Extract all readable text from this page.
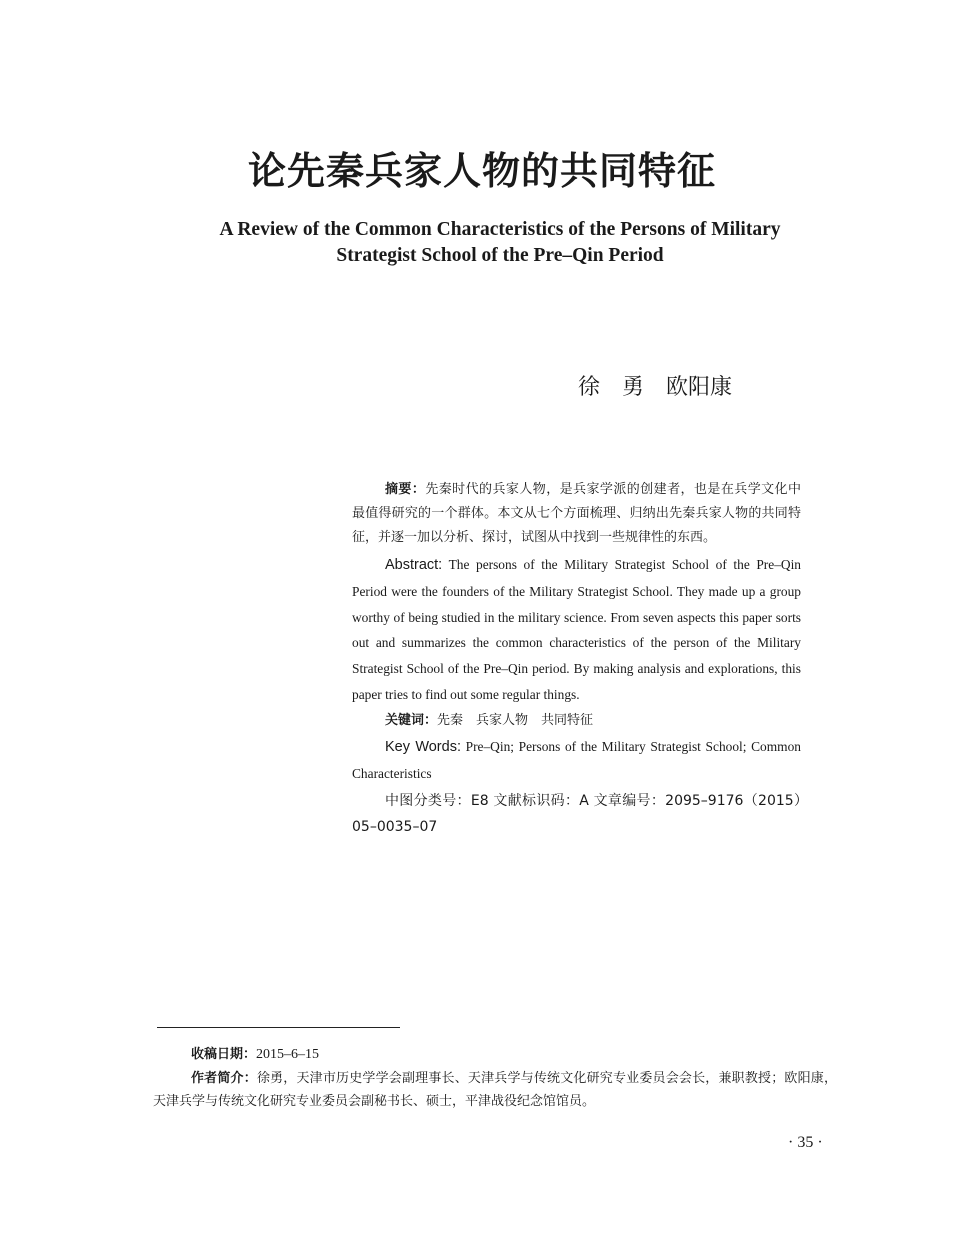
论先秦兵家人物的共同特征
A Review of the Common Characteristics of the Persons of Military
Strategist School of the Pre–Qin Period
徐　勇　欧阳康

摘要：先秦时代的兵家人物，是兵家学派的创建者，也是在兵学文化中最值得研究的一个群体。本文从七个方面梳理、归纳出先秦兵家人物的共同特征，并逐一加以分析、探讨，试图从中找到一些规律性的东西。

Abstract: The persons of the Military Strategist School of the Pre–Qin Period were the founders of the Military Strategist School. They made up a group worthy of being studied in the military science. From seven aspects this paper sorts out and summarizes the common characteristics of the person of the Military Strategist School of the Pre–Qin period. By making analysis and explorations, this paper tries to find out some regular things.

关键词：先秦　兵家人物　共同特征

Key Words: Pre–Qin; Persons of the Military Strategist School; Common Characteristics

中图分类号：E8 文献标识码：A 文章编号：2095–9176（2015）05–0035–07

收稿日期：2015–6–15

作者简介：徐勇，天津市历史学学会副理事长、天津兵学与传统文化研究专业委员会会长，兼职教授；欧阳康，天津兵学与传统文化研究专业委员会副秘书长、硕士，平津战役纪念馆馆员。

· 35 ·
